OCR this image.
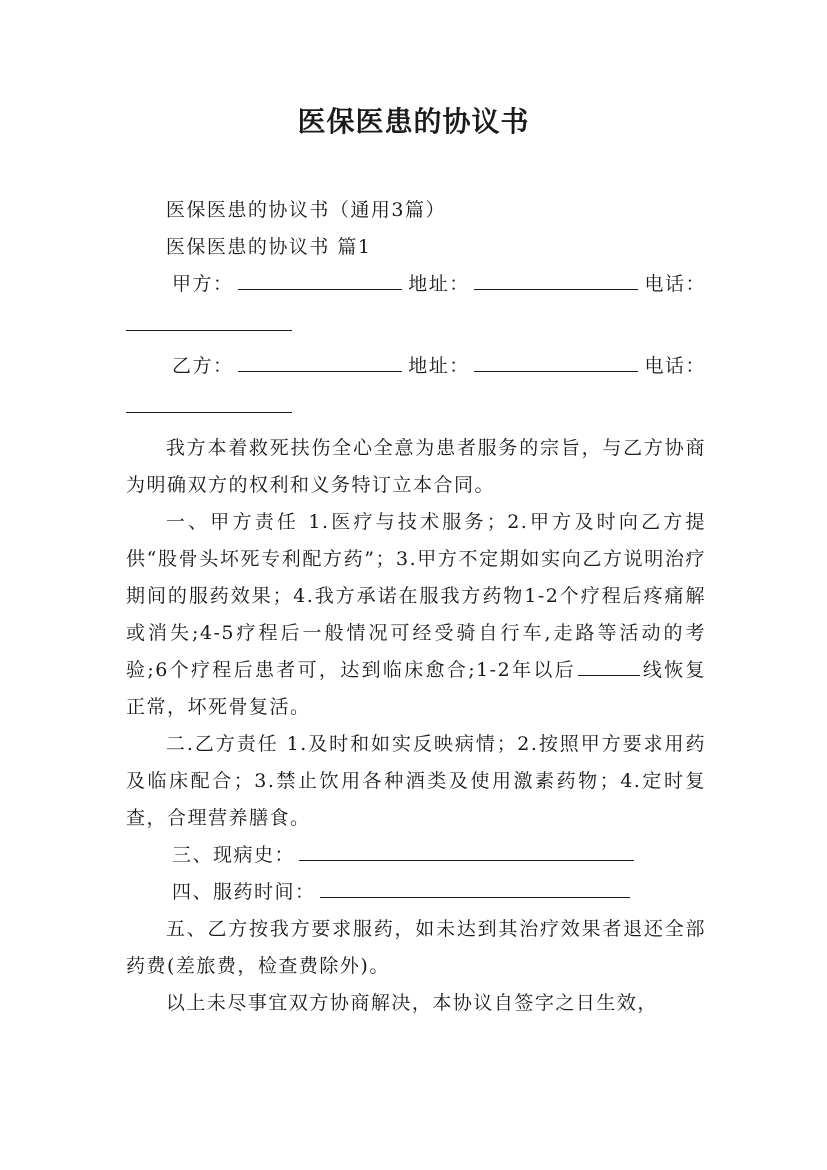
医保医患的协议书

医保医患的协议书（通用3篇）

医保医患的协议书 篇1

甲方：	地址：	电话：
乙方：	地址：	电话：

我方本着救死扶伤全心全意为患者服务的宗旨，与乙方协商为明确双方的权利和义务特订立本合同。

一、甲方责任 1.医疗与技术服务；2.甲方及时向乙方提供“股骨头坏死专利配方药”；3.甲方不定期如实向乙方说明治疗期间的服药效果；4.我方承诺在服我方药物1-2个疗程后疼痛解或消失;4-5疗程后一般情况可经受骑自行车,走路等活动的考验;6个疗程后患者可，达到临床愈合;1-2年以后	线恢复正常，坏死骨复活。

二.乙方责任 1.及时和如实反映病情；2.按照甲方要求用药及临床配合；3.禁止饮用各种酒类及使用激素药物；4.定时复查，合理营养膳食。

三、现病史：
四、服药时间：

五、乙方按我方要求服药，如未达到其治疗效果者退还全部药费(差旅费，检查费除外)。

以上未尽事宜双方协商解决，本协议自签字之日生效，
